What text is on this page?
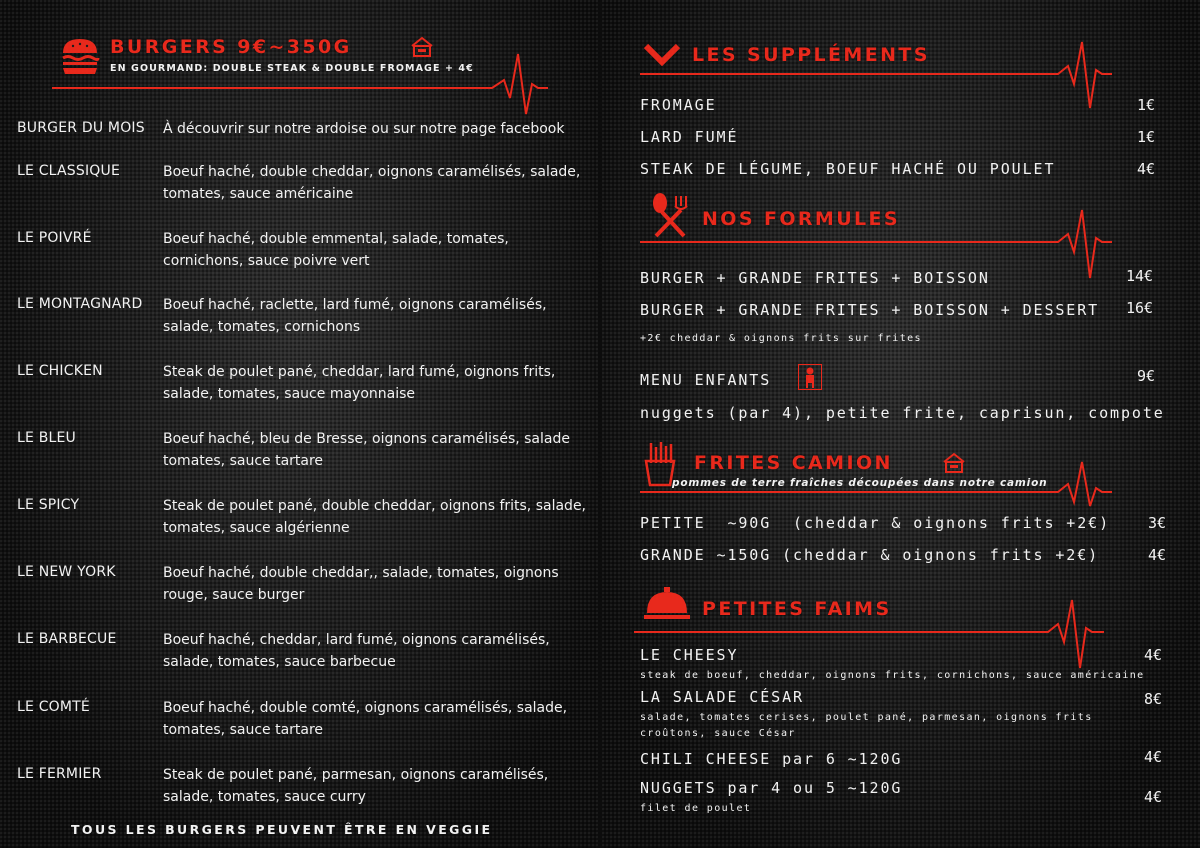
BURGERS 9€~350G
EN GOURMAND: DOUBLE STEAK & DOUBLE FROMAGE + 4€
BURGER DU MOIS À découvrir sur notre ardoise ou sur notre page facebook
LE CLASSIQUE	Boeuf haché, double cheddar, oignons caramélisés, salade, tomates, sauce américaine
LE POIVRÉ	Boeuf haché, double emmental, salade, tomates, cornichons, sauce poivre vert
LE MONTAGNARD Boeuf haché, raclette, lard fumé, oignons caramélisés, salade, tomates, cornichons
LE CHICKEN	Steak de poulet pané, cheddar, lard fumé, oignons frits, salade, tomates, sauce mayonnaise
LE BLEU	Boeuf haché, bleu de Bresse, oignons caramélisés, salade tomates, sauce tartare
LE SPICY	Steak de poulet pané, double cheddar, oignons frits, salade, tomates, sauce algérienne
LE NEW YORK	Boeuf haché, double cheddar,, salade, tomates, oignons rouge, sauce burger
LE BARBECUE	Boeuf haché, cheddar, lard fumé, oignons caramélisés, salade, tomates, sauce barbecue
LE COMTÉ	Boeuf haché, double comté, oignons caramélisés, salade, tomates, sauce tartare
LE FERMIER	Steak de poulet pané, parmesan, oignons caramélisés, salade, tomates, sauce curry
TOUS LES BURGERS PEUVENT ÊTRE EN VEGGIE
LES SUPPLÉMENTS
FROMAGE	1€
LARD FUMÉ	1€
STEAK DE LÉGUME, BOEUF HACHÉ OU POULET	4€
NOS FORMULES
BURGER + GRANDE FRITES + BOISSON	14€
BURGER + GRANDE FRITES + BOISSON + DESSERT 16€
+2€ cheddar & oignons frits sur frites
MENU ENFANTS	9€
nuggets (par 4), petite frite, caprisun, compote
FRITES CAMION
pommes de terre fraîches découpées dans notre camion
PETITE  ~90G  (cheddar & oignons frits +2€)	3€
GRANDE ~150G (cheddar & oignons frits +2€)	4€
PETITES FAIMS
LE CHEESY	4€
steak de boeuf, cheddar, oignons frits, cornichons, sauce américaine
LA SALADE CÉSAR	8€
salade, tomates cerises, poulet pané, parmesan, oignons frits
croûtons, sauce César
CHILI CHEESE par 6 ~120G	4€
NUGGETS par 4 ou 5 ~120G	4€
filet de poulet
